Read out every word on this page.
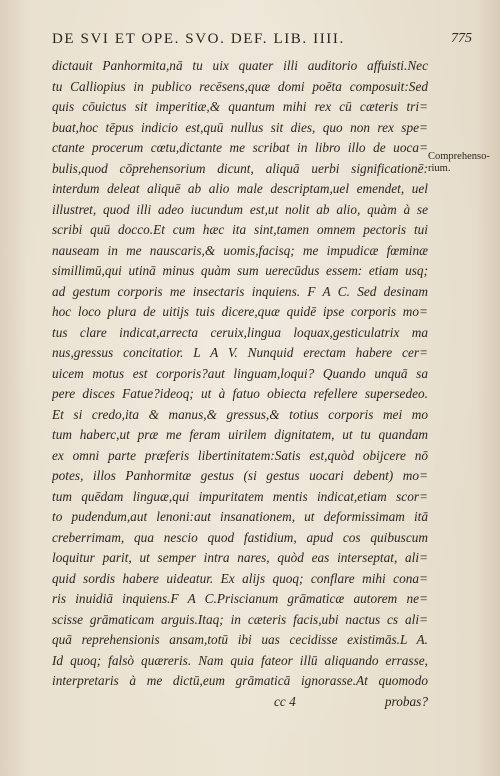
DE SVI ET OPE. SVO. DEF. LIB. IIII.	775
dictauit Panhormita,nā tu uix quater illi auditorio affuisti.Nec
tu Calliopius in publico recēsens,quæ domi poēta composuit:Sed
quis cōuictus sit imperitiæ,& quantum mihi rex cū cæteris tri=
buat,hoc tēpus indicio est,quū nullus sit dies, quo non rex spe=
ctante procerum cœtu,dictante me scribat in libro illo de uoca=
bulis,quod cōprehensorium dicunt, aliquā uerbi significationē:
interdum deleat aliquē ab alio male descriptam,uel emendet, uel
illustret, quod illi adeo iucundum est,ut nolit ab alio, quàm à se
scribi quū docco.Et cum hæc ita sint,tamen omnem pectoris tui
nauseam in me nauscaris,& uomis,facisq; me impudicæ fœminæ
simillimū,qui utinā minus quàm sum uerecūdus essem: etiam usq;
ad gestum corporis me insectaris inquiens. F A C. Sed desinam
hoc loco plura de uitijs tuis dicere,quæ quidē ipse corporis mo=
tus clare indicat,arrecta ceruix,lingua loquax,gesticulatrix ma
nus,gressus concitatior. L A V. Nunquid erectam habere cer=
uicem motus est corporis?aut linguam,loqui? Quando unquā sa
pere disces Fatue?ideoq; ut à fatuo obiecta refellere supersedeo.
Et si credo,ita & manus,& gressus,& totius corporis mei mo
tum haberc,ut præ me feram uirilem dignitatem, ut tu quandam
ex omni parte præferis libertinitatem:Satis est,quòd obijcere nō
potes, illos Panhormitæ gestus (si gestus uocari debent) mo=
tum quēdam linguæ,qui impuritatem mentis indicat,etiam scor=
to pudendum,aut lenoni:aut insanationem, ut deformissimam itā
creberrimam, qua nescio quod fastidium, apud cos quibuscum
loquitur parit, ut semper intra nares, quòd eas interseptat, ali=
quid sordis habere uideatur. Ex alijs quoq; conflare mihi cona=
ris inuidiā inquiens.F A C.Priscianum grāmaticæ autorem ne=
scisse grāmaticam arguis.Itaq; in cæteris facis,ubi nactus cs ali=
quā reprehensionis ansam,totū ibi uas cecidisse existimās.L A.
Id quoq; falsò quæreris. Nam quia fateor illū aliquando errasse,
interpretaris à me dictū,eum grāmaticā ignorasse.At quomodo
Comprehenso-
rium.
cc 4	probas?
